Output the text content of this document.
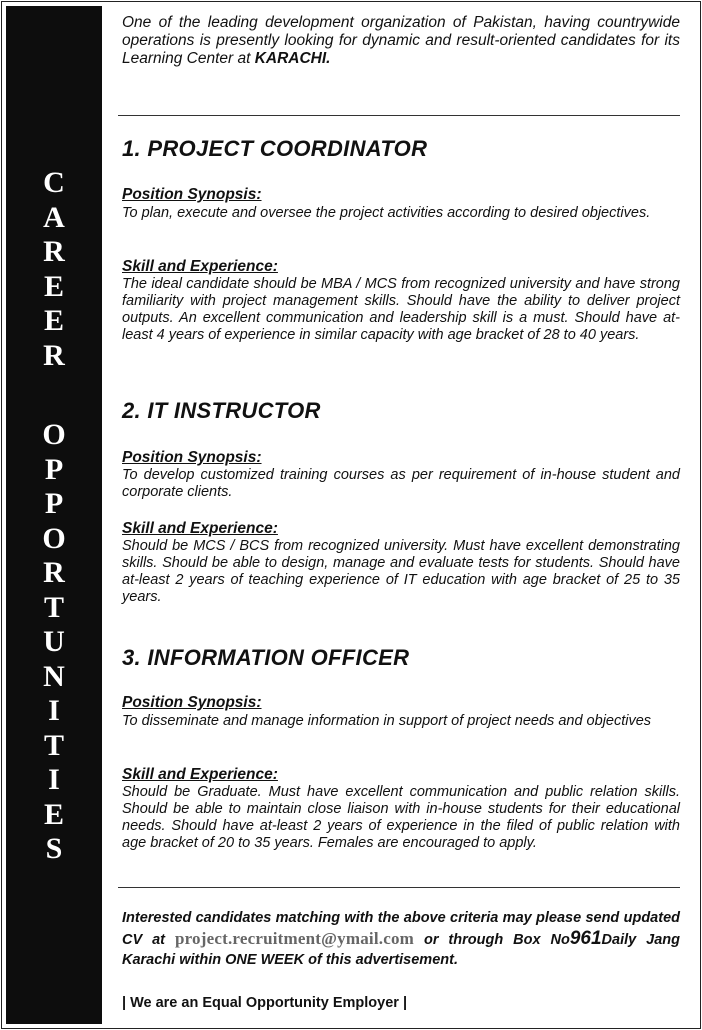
C
A
R
E
E
R
O
P
P
O
R
T
U
N
I
T
I
E
S

One of the leading development organization of Pakistan, having countrywide operations is presently looking for dynamic and result-oriented candidates for its Learning Center at KARACHI.

1. PROJECT COORDINATOR
Position Synopsis:

To plan, execute and oversee the project activities according to desired objectives.

Skill and Experience:

The ideal candidate should be MBA / MCS from recognized university and have strong familiarity with project management skills. Should have the ability to deliver project outputs. An excellent communication and leadership skill is a must. Should have at-least 4 years of experience in similar capacity with age bracket of 28 to 40 years.

2. IT INSTRUCTOR
Position Synopsis:

To develop customized training courses as per requirement of in-house student and corporate clients.

Skill and Experience:

Should be MCS / BCS from recognized university. Must have excellent demonstrating skills. Should be able to design, manage and evaluate tests for students. Should have at-least 2 years of teaching experience of IT education with age bracket of 25 to 35 years.

3. INFORMATION OFFICER
Position Synopsis:

To disseminate and manage information in support of project needs and objectives

Skill and Experience:

Should be Graduate. Must have excellent communication and public relation skills. Should be able to maintain close liaison with in-house students for their educational needs. Should have at-least 2 years of experience in the filed of public relation with age bracket of 20 to 35 years. Females are encouraged to apply.

Interested candidates matching with the above criteria may please send updated CV at project.recruitment@ymail.com or through Box No961Daily Jang Karachi within ONE WEEK of this advertisement.

| We are an Equal Opportunity Employer |
